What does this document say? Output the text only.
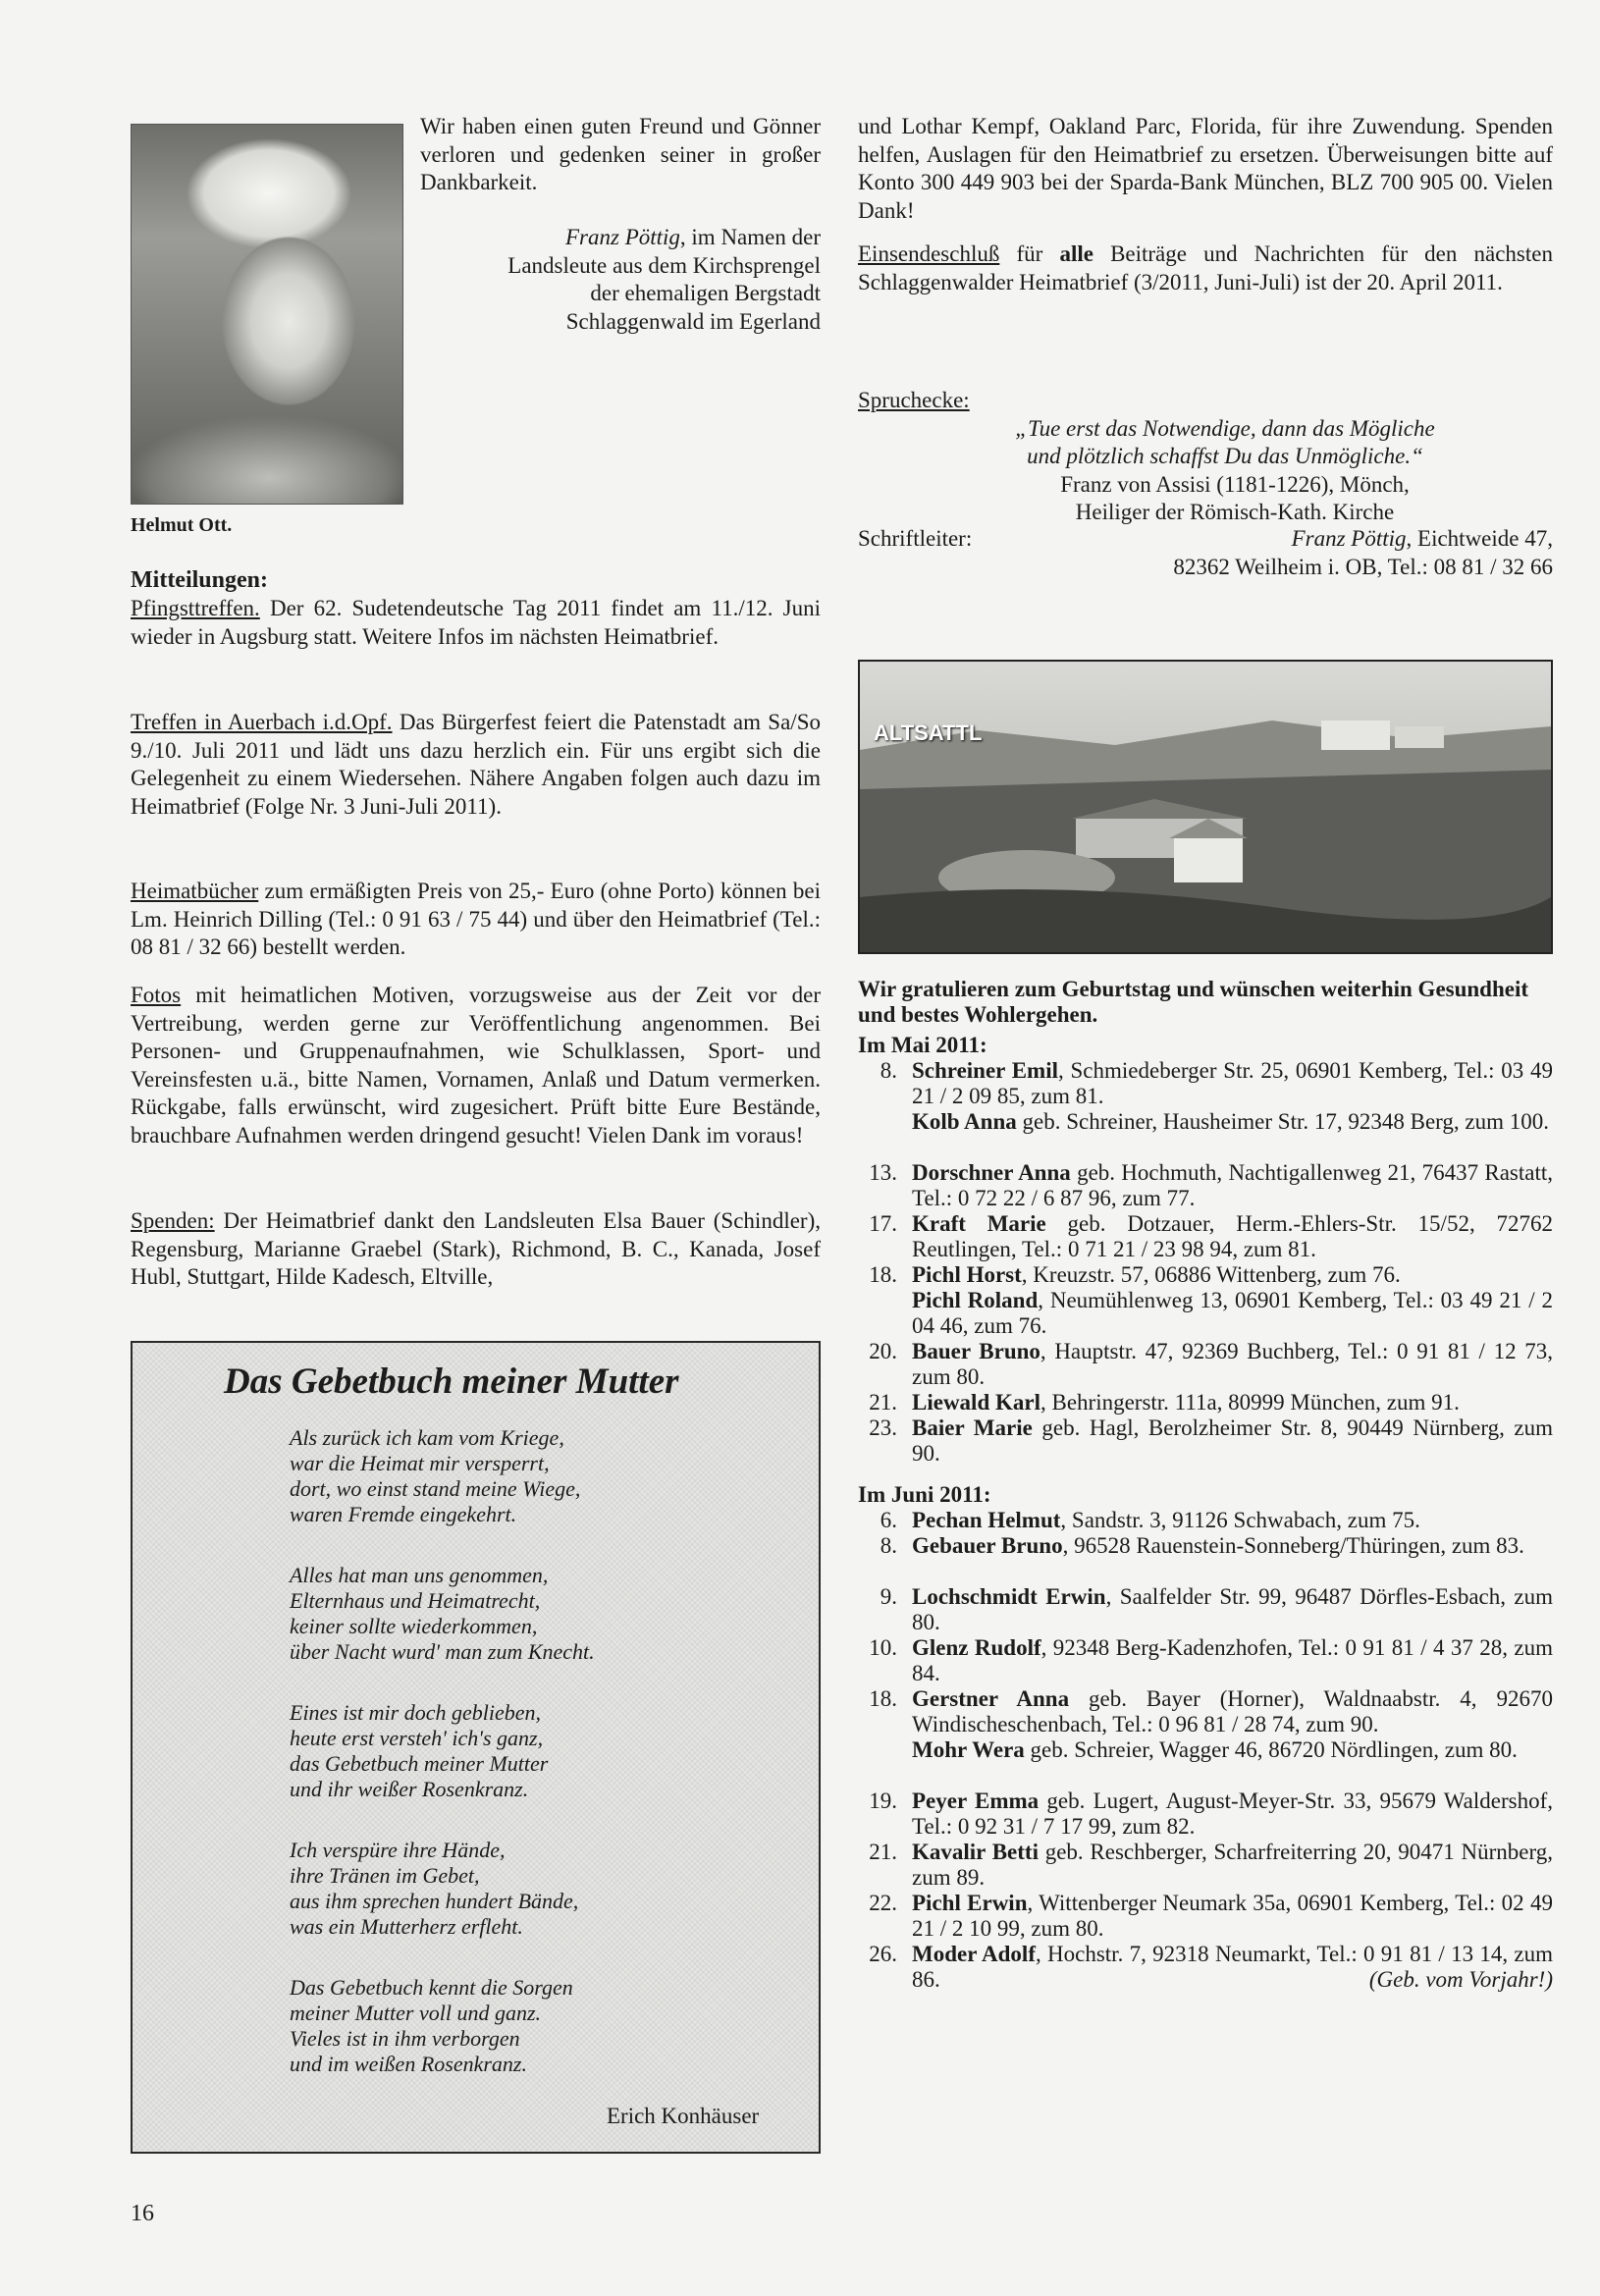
Helmut Ott.

Wir haben einen guten Freund und Gönner verloren und gedenken seiner in großer Dankbarkeit.

Franz Pöttig, im Namen der
Landsleute aus dem Kirchsprengel
der ehemaligen Bergstadt
Schlaggenwald im Egerland
Mitteilungen:

Pfingsttreffen. Der 62. Sudetendeutsche Tag 2011 findet am 11./12. Juni wieder in Augsburg statt. Weitere Infos im nächsten Heimatbrief.

Treffen in Auerbach i.d.Opf. Das Bürgerfest feiert die Patenstadt am Sa/So 9./10. Juli 2011 und lädt uns dazu herzlich ein. Für uns ergibt sich die Gelegenheit zu einem Wiedersehen. Nähere Angaben folgen auch dazu im Heimatbrief (Folge Nr. 3 Juni-Juli 2011).

Heimatbücher zum ermäßigten Preis von 25,- Euro (ohne Porto) können bei Lm. Heinrich Dilling (Tel.: 0 91 63 / 75 44) und über den Heimatbrief (Tel.: 08 81 / 32 66) bestellt werden.

Fotos mit heimatlichen Motiven, vorzugsweise aus der Zeit vor der Vertreibung, werden gerne zur Veröffentlichung angenommen. Bei Personen- und Gruppenaufnahmen, wie Schulklassen, Sport- und Vereinsfesten u.ä., bitte Namen, Vornamen, Anlaß und Datum vermerken. Rückgabe, falls erwünscht, wird zugesichert. Prüft bitte Eure Bestände, brauchbare Aufnahmen werden dringend gesucht! Vielen Dank im voraus!

Spenden: Der Heimatbrief dankt den Landsleuten Elsa Bauer (Schindler), Regensburg, Marianne Graebel (Stark), Richmond, B. C., Kanada, Josef Hubl, Stuttgart, Hilde Kadesch, Eltville,

Das Gebetbuch meiner Mutter
Als zurück ich kam vom Kriege,
war die Heimat mir versperrt,
dort, wo einst stand meine Wiege,
waren Fremde eingekehrt.
Alles hat man uns genommen,
Elternhaus und Heimatrecht,
keiner sollte wiederkommen,
über Nacht wurd' man zum Knecht.
Eines ist mir doch geblieben,
heute erst versteh' ich's ganz,
das Gebetbuch meiner Mutter
und ihr weißer Rosenkranz.
Ich verspüre ihre Hände,
ihre Tränen im Gebet,
aus ihm sprechen hundert Bände,
was ein Mutterherz erfleht.
Das Gebetbuch kennt die Sorgen
meiner Mutter voll und ganz.
Vieles ist in ihm verborgen
und im weißen Rosenkranz.
Erich Konhäuser

und Lothar Kempf, Oakland Parc, Florida, für ihre Zuwendung. Spenden helfen, Auslagen für den Heimatbrief zu ersetzen. Überweisungen bitte auf Konto 300 449 903 bei der Sparda-Bank München, BLZ 700 905 00. Vielen Dank!

Einsendeschluß für alle Beiträge und Nachrichten für den nächsten Schlaggenwalder Heimatbrief (3/2011, Juni-Juli) ist der 20. April 2011.

Spruchecke:
„Tue erst das Notwendige, dann das Mögliche
und plötzlich schaffst Du das Unmögliche.“
Franz von Assisi (1181-1226), Mönch,
Heiliger der Römisch-Kath. Kirche
Schriftleiter:	Franz Pöttig, Eichtweide 47,
82362 Weilheim i. OB, Tel.: 08 81 / 32 66
ALTSATTL

Wir gratulieren zum Geburtstag und wünschen weiterhin Gesundheit und bestes Wohlergehen.

Im Mai 2011:
8. Schreiner Emil, Schmiedeberger Str. 25, 06901 Kemberg, Tel.: 03 49 21 / 2 09 85, zum 81.
Kolb Anna geb. Schreiner, Hausheimer Str. 17, 92348 Berg, zum 100.
13. Dorschner Anna geb. Hochmuth, Nachtigallenweg 21, 76437 Rastatt, Tel.: 0 72 22 / 6 87 96, zum 77.
17. Kraft Marie geb. Dotzauer, Herm.-Ehlers-Str. 15/52, 72762 Reutlingen, Tel.: 0 71 21 / 23 98 94, zum 81.
18. Pichl Horst, Kreuzstr. 57, 06886 Wittenberg, zum 76.
Pichl Roland, Neumühlenweg 13, 06901 Kemberg, Tel.: 03 49 21 / 2 04 46, zum 76.
20. Bauer Bruno, Hauptstr. 47, 92369 Buchberg, Tel.: 0 91 81 / 12 73, zum 80.
21. Liewald Karl, Behringerstr. 111a, 80999 München, zum 91.
23. Baier Marie geb. Hagl, Berolzheimer Str. 8, 90449 Nürnberg, zum 90.
Im Juni 2011:
6. Pechan Helmut, Sandstr. 3, 91126 Schwabach, zum 75.
8. Gebauer Bruno, 96528 Rauenstein-Sonneberg/Thüringen, zum 83.
9. Lochschmidt Erwin, Saalfelder Str. 99, 96487 Dörfles-Esbach, zum 80.
10. Glenz Rudolf, 92348 Berg-Kadenzhofen, Tel.: 0 91 81 / 4 37 28, zum 84.
18. Gerstner Anna geb. Bayer (Horner), Waldnaabstr. 4, 92670 Windischeschenbach, Tel.: 0 96 81 / 28 74, zum 90.
Mohr Wera geb. Schreier, Wagger 46, 86720 Nördlingen, zum 80.
19. Peyer Emma geb. Lugert, August-Meyer-Str. 33, 95679 Waldershof, Tel.: 0 92 31 / 7 17 99, zum 82.
21. Kavalir Betti geb. Reschberger, Scharfreiterring 20, 90471 Nürnberg, zum 89.
22. Pichl Erwin, Wittenberger Neumark 35a, 06901 Kemberg, Tel.: 02 49 21 / 2 10 99, zum 80.
26. Moder Adolf, Hochstr. 7, 92318 Neumarkt, Tel.: 0 91 81 / 13 14, zum 86.	(Geb. vom Vorjahr!)
16
